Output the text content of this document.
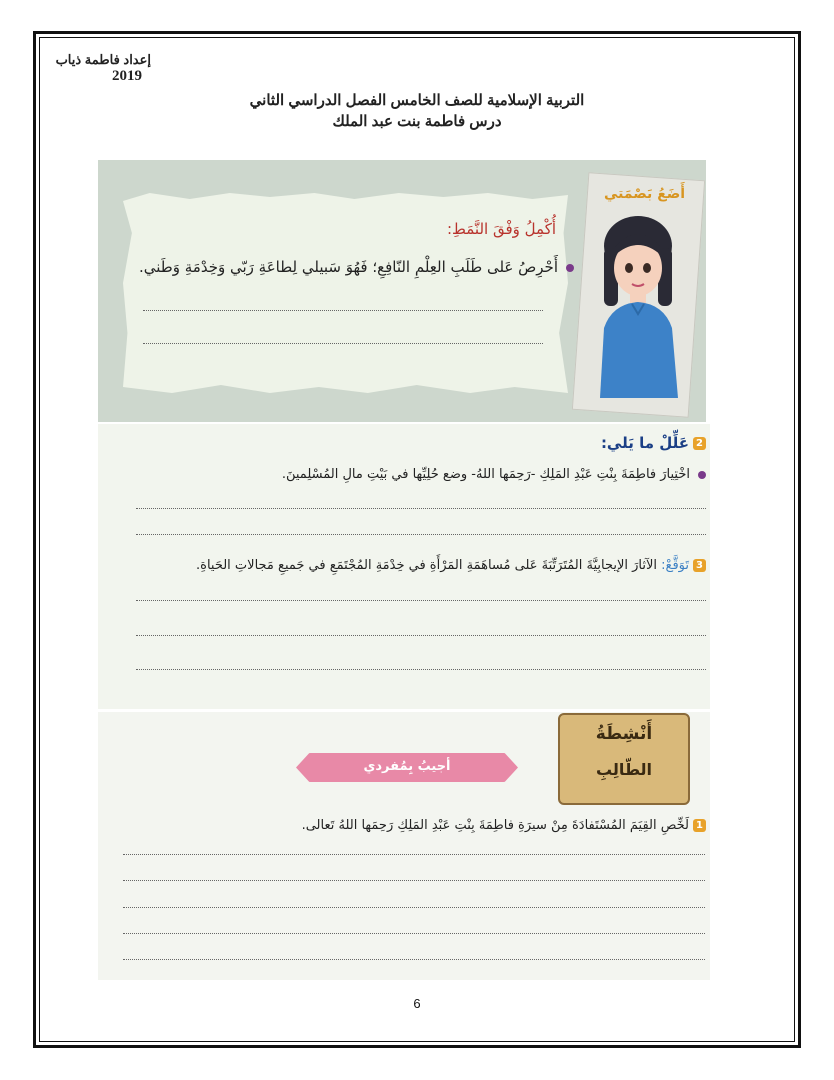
إعداد فاطمة ذياب
2019
التربية الإسلامية للصف الخامس الفصل الدراسي الثاني
درس فاطمة بنت عبد الملك
أُكْمِلُ وَفْقَ النَّمَطِ:
أَحْرِصُ عَلى طَلَبِ العِلْمِ النّافِعِ؛ فَهُوَ سَبيلي لِطاعَةِ رَبّي وَخِدْمَةِ وَطَني.
أَضَعُ بَصْمَتي
2عَلِّلْ ما يَلي:
اخْتِيارَ فاطِمَةَ بِنْتِ عَبْدِ المَلِكِ -رَحِمَها اللهُ- وضع حُلِيِّها في بَيْتِ مالِ المُسْلِمينَ.
3تَوَقَّعْ: الآثارَ الإيجابِيَّةَ المُتَرَتِّبَةَ عَلى مُساهَمَةِ المَرْأَةِ في خِدْمَةِ المُجْتَمَعِ في جَميعِ مَجالاتِ الحَياةِ.
أَنْشِطَةُ
الطّالِبِ
أجيبُ بِمُفردي
1لَخِّصِ القِيَمَ المُسْتَفادَةَ مِنْ سيرَةِ فاطِمَةَ بِنْتِ عَبْدِ المَلِكِ رَحِمَها اللهُ تَعالى.
6
